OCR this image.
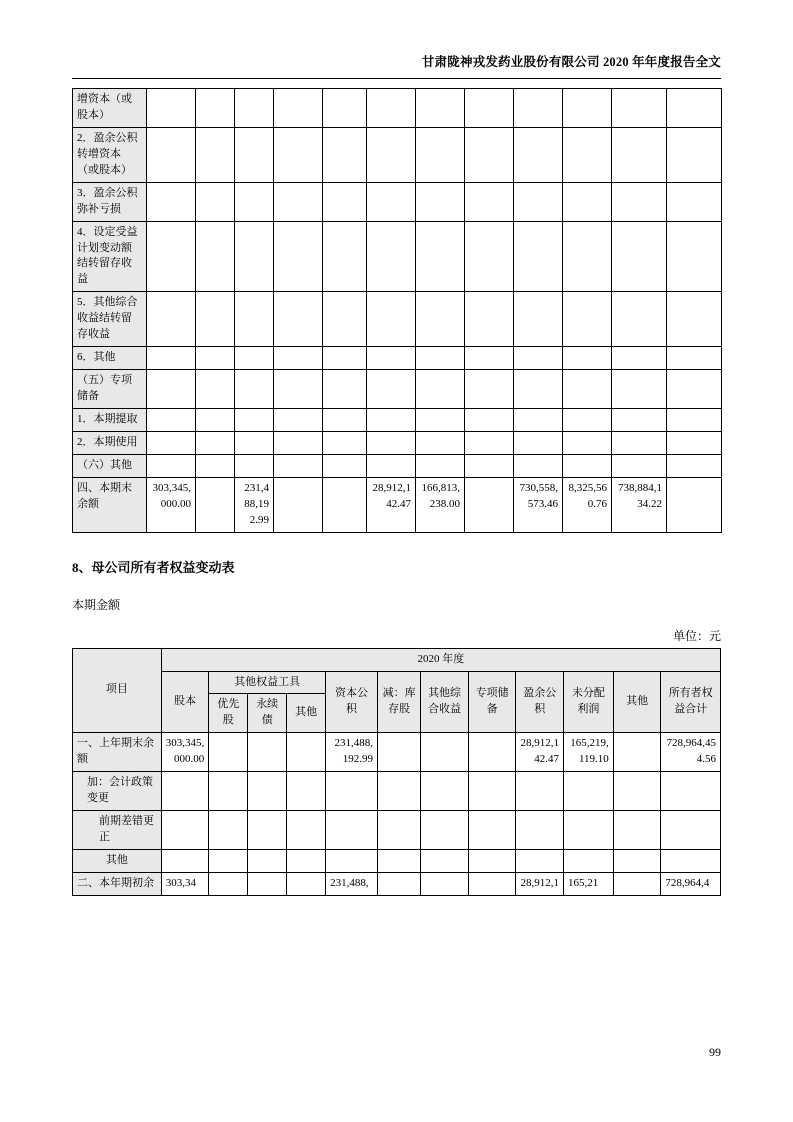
甘肃陇神戎发药业股份有限公司 2020 年年度报告全文
增资本（或股本）												
2．盈余公积转增资本（或股本）												
3．盈余公积弥补亏损												
4．设定受益计划变动额结转留存收益												
5．其他综合收益结转留存收益												
6．其他												
（五）专项储备												
1．本期提取												
2．本期使用												
（六）其他												
四、本期末余额	303,345,000.00		231,488,192.99			28,912,142.47	166,813,238.00		730,558,573.46	8,325,560.76	738,884,134.22	
8、母公司所有者权益变动表
本期金额
单位：元
项目	2020 年度											
	股本	其他权益工具			资本公积	减：库存股	其他综合收益	专项储备	盈余公积	未分配利润	其他	所有者权益合计
		优先股	永续债	其他								
一、上年期末余额	303,345,000.00				231,488,192.99				28,912,142.47	165,219,119.10		728,964,454.56
加：会计政策变更												
前期差错更正												
其他												
二、本年期初余	303,34				231,488,				28,912,1	165,21		728,964,4
99
